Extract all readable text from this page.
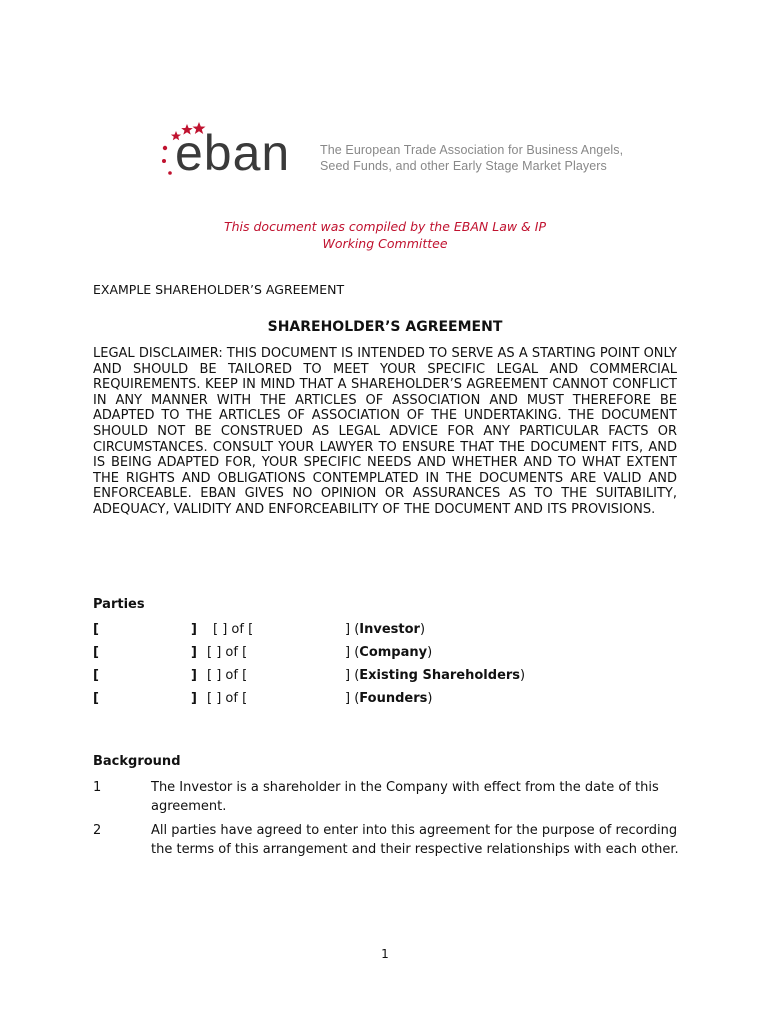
eban The European Trade Association for Business Angels,
Seed Funds, and other Early Stage Market Players
This document was compiled by the EBAN Law & IP
Working Committee
EXAMPLE SHAREHOLDER’S AGREEMENT
SHAREHOLDER’S AGREEMENT
LEGAL DISCLAIMER: THIS DOCUMENT IS INTENDED TO SERVE AS A STARTING POINT ONLY AND SHOULD BE TAILORED TO MEET YOUR SPECIFIC LEGAL AND COMMERCIAL REQUIREMENTS. KEEP IN MIND THAT A SHAREHOLDER’S AGREEMENT CANNOT CONFLICT IN ANY MANNER WITH THE ARTICLES OF ASSOCIATION AND MUST THEREFORE BE ADAPTED TO THE ARTICLES OF ASSOCIATION OF THE UNDERTAKING. THE DOCUMENT SHOULD NOT BE CONSTRUED AS LEGAL ADVICE FOR ANY PARTICULAR FACTS OR CIRCUMSTANCES. CONSULT YOUR LAWYER TO ENSURE THAT THE DOCUMENT FITS, AND IS BEING ADAPTED FOR, YOUR SPECIFIC NEEDS AND WHETHER AND TO WHAT EXTENT THE RIGHTS AND OBLIGATIONS CONTEMPLATED IN THE DOCUMENTS ARE VALID AND ENFORCEABLE. EBAN GIVES NO OPINION OR ASSURANCES AS TO THE SUITABILITY, ADEQUACY, VALIDITY AND ENFORCEABILITY OF THE DOCUMENT AND ITS PROVISIONS.
Parties
[	] [ ] of [	] (Investor)
[	] [ ] of [	] (Company)
[	] [ ] of [	] (Existing Shareholders)
[	] [ ] of [	] (Founders)
Background
1	The Investor is a shareholder in the Company with effect from the date of this agreement.
2	All parties have agreed to enter into this agreement for the purpose of recording the terms of this arrangement and their respective relationships with each other.
1
